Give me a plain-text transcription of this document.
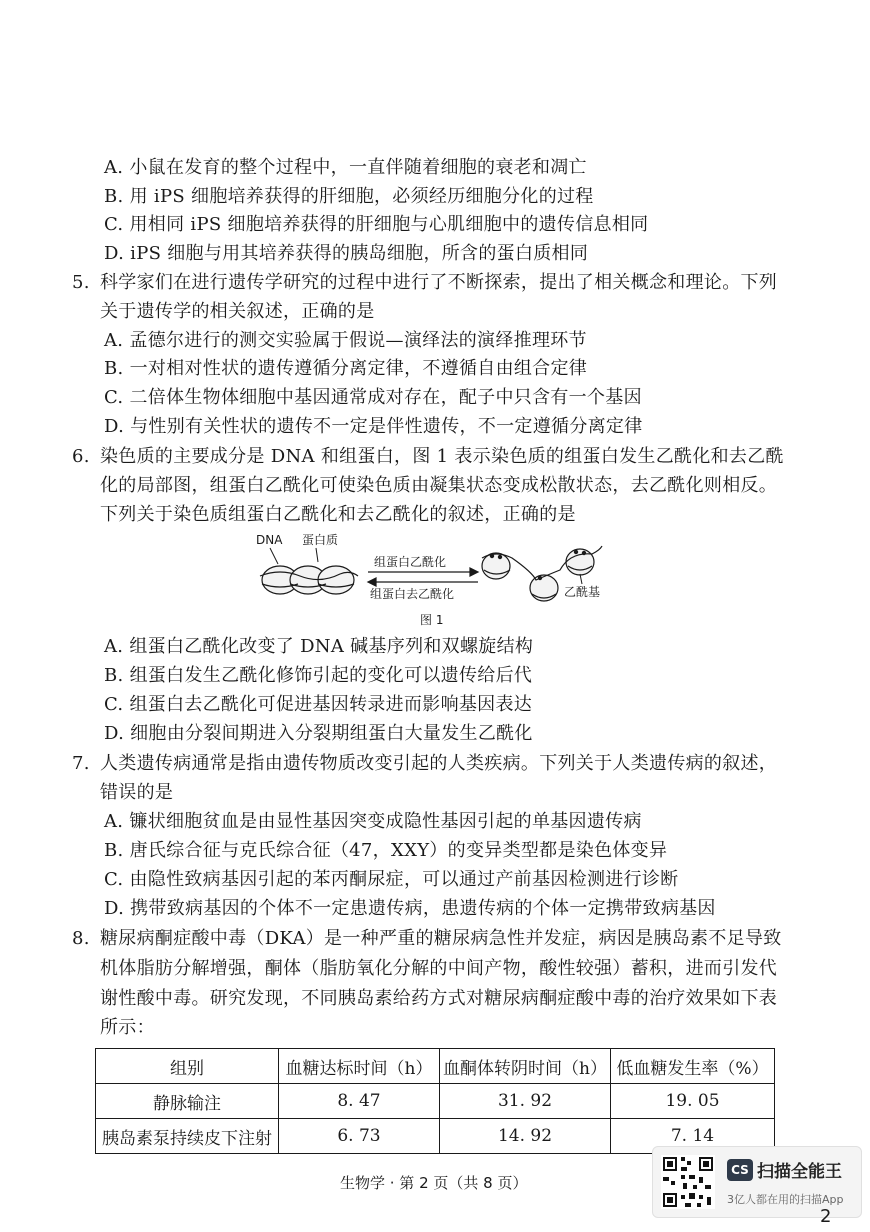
A. 小鼠在发育的整个过程中，一直伴随着细胞的衰老和凋亡
B. 用 iPS 细胞培养获得的肝细胞，必须经历细胞分化的过程
C. 用相同 iPS 细胞培养获得的肝细胞与心肌细胞中的遗传信息相同
D. iPS 细胞与用其培养获得的胰岛细胞，所含的蛋白质相同
5. 科学家们在进行遗传学研究的过程中进行了不断探索，提出了相关概念和理论。下列
关于遗传学的相关叙述，正确的是
A. 孟德尔进行的测交实验属于假说—演绎法的演绎推理环节
B. 一对相对性状的遗传遵循分离定律，不遵循自由组合定律
C. 二倍体生物体细胞中基因通常成对存在，配子中只含有一个基因
D. 与性别有关性状的遗传不一定是伴性遗传，不一定遵循分离定律
6. 染色质的主要成分是 DNA 和组蛋白，图 1 表示染色质的组蛋白发生乙酰化和去乙酰
化的局部图，组蛋白乙酰化可使染色质由凝集状态变成松散状态，去乙酰化则相反。
下列关于染色质组蛋白乙酰化和去乙酰化的叙述，正确的是
DNA 蛋白质
组蛋白乙酰化
组蛋白去乙酰化	乙酰基
图 1
A. 组蛋白乙酰化改变了 DNA 碱基序列和双螺旋结构
B. 组蛋白发生乙酰化修饰引起的变化可以遗传给后代
C. 组蛋白去乙酰化可促进基因转录进而影响基因表达
D. 细胞由分裂间期进入分裂期组蛋白大量发生乙酰化
7. 人类遗传病通常是指由遗传物质改变引起的人类疾病。下列关于人类遗传病的叙述，
错误的是
A. 镰状细胞贫血是由显性基因突变成隐性基因引起的单基因遗传病
B. 唐氏综合征与克氏综合征（47，XXY）的变异类型都是染色体变异
C. 由隐性致病基因引起的苯丙酮尿症，可以通过产前基因检测进行诊断
D. 携带致病基因的个体不一定患遗传病，患遗传病的个体一定携带致病基因
8. 糖尿病酮症酸中毒（DKA）是一种严重的糖尿病急性并发症，病因是胰岛素不足导致
机体脂肪分解增强，酮体（脂肪氧化分解的中间产物，酸性较强）蓄积，进而引发代
谢性酸中毒。研究发现，不同胰岛素给药方式对糖尿病酮症酸中毒的治疗效果如下表
所示：
组别	血糖达标时间（h）	血酮体转阴时间（h）	低血糖发生率（%）
静脉输注	8. 47	31. 92	19. 05
胰岛素泵持续皮下注射	6. 73	14. 92	7. 14
生物学 · 第 2 页（共 8 页）
CS 扫描全能王
3亿人都在用的扫描App
2
